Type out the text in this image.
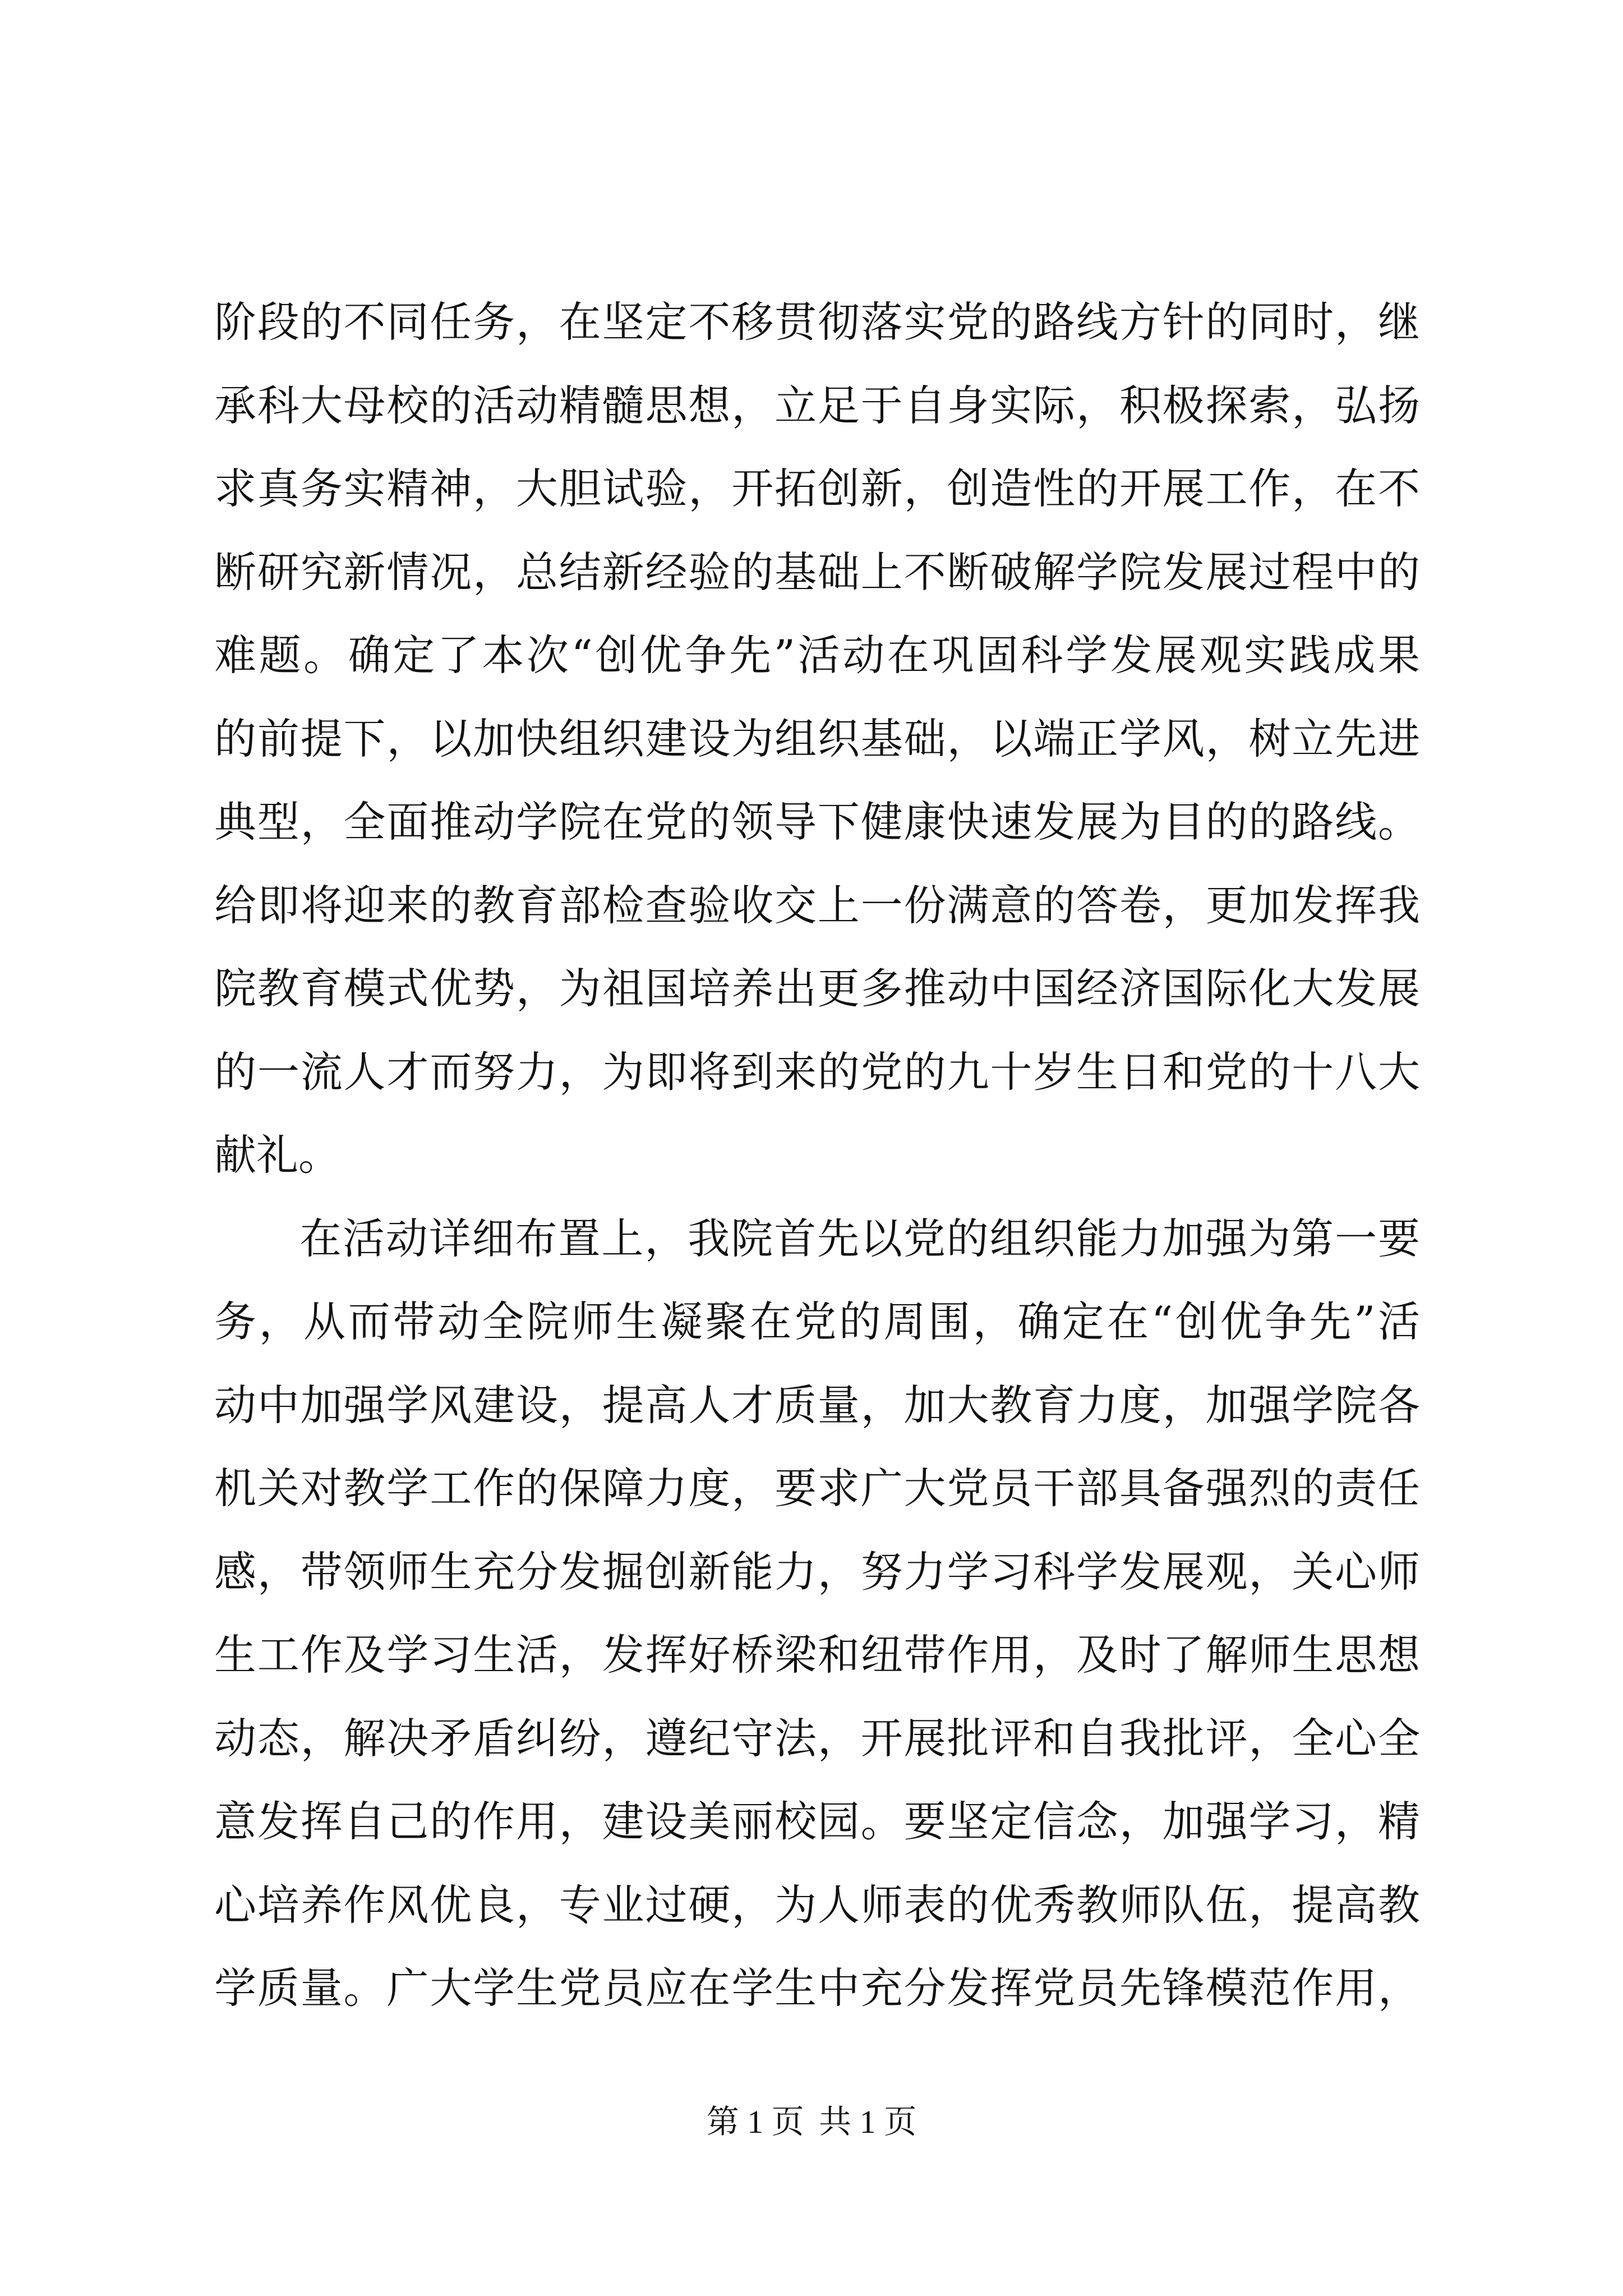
阶段的不同任务，在坚定不移贯彻落实党的路线方针的同时，继
承科大母校的活动精髓思想，立足于自身实际，积极探索，弘扬
求真务实精神，大胆试验，开拓创新，创造性的开展工作，在不
断研究新情况，总结新经验的基础上不断破解学院发展过程中的
难题。确定了本次“创优争先”活动在巩固科学发展观实践成果
的前提下，以加快组织建设为组织基础，以端正学风，树立先进
典型，全面推动学院在党的领导下健康快速发展为目的的路线。
给即将迎来的教育部检查验收交上一份满意的答卷，更加发挥我
院教育模式优势，为祖国培养出更多推动中国经济国际化大发展
的一流人才而努力，为即将到来的党的九十岁生日和党的十八大
献礼。
在活动详细布置上，我院首先以党的组织能力加强为第一要
务，从而带动全院师生凝聚在党的周围，确定在“创优争先”活
动中加强学风建设，提高人才质量，加大教育力度，加强学院各
机关对教学工作的保障力度，要求广大党员干部具备强烈的责任
感，带领师生充分发掘创新能力，努力学习科学发展观，关心师
生工作及学习生活，发挥好桥梁和纽带作用，及时了解师生思想
动态，解决矛盾纠纷，遵纪守法，开展批评和自我批评，全心全
意发挥自己的作用，建设美丽校园。要坚定信念，加强学习，精
心培养作风优良，专业过硬，为人师表的优秀教师队伍，提高教
学质量。广大学生党员应在学生中充分发挥党员先锋模范作用，
第 1 页 共 1 页
